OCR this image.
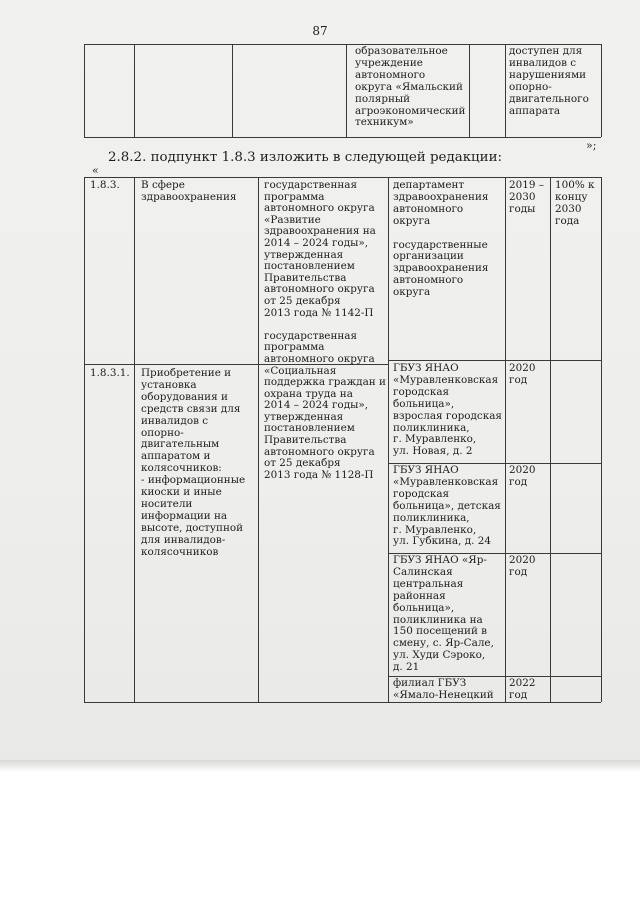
87
образовательное
учреждение
автономного
округа «Ямальский
полярный
агроэкономический
техникум»
доступен для
инвалидов с
нарушениями
опорно-
двигательного
аппарата
»;
2.8.2. подпункт 1.8.3 изложить в следующей редакции:
«
1.8.3.	В сфере
здравоохранения
государственная
программа
автономного округа
«Развитие
здравоохранения на
2014 – 2024 годы»,
утвержденная
постановлением
Правительства
автономного округа
от 25 декабря
2013 года № 1142-П

государственная
программа
автономного округа
«Социальная
поддержка граждан и
охрана труда на
2014 – 2024 годы»,
утвержденная
постановлением
Правительства
автономного округа
от 25 декабря
2013 года № 1128-П
департамент
здравоохранения
автономного
округа

государственные
организации
здравоохранения
автономного
округа
2019 –
2030
годы
100% к
концу
2030
года
1.8.3.1.	Приобретение и
установка
оборудования и
средств связи для
инвалидов с
опорно-
двигательным
аппаратом и
колясочников:
- информационные
киоски и иные
носители
информации на
высоте, доступной
для инвалидов-
колясочников
ГБУЗ ЯНАО
«Муравленковская
городская
больница»,
взрослая городская
поликлиника,
г. Муравленко,
ул. Новая, д. 2
2020
год
ГБУЗ ЯНАО
«Муравленковская
городская
больница», детская
поликлиника,
г. Муравленко,
ул. Губкина, д. 24
2020
год
ГБУЗ ЯНАО «Яр-
Салинская
центральная
районная
больница»,
поликлиника на
150 посещений в
смену, с. Яр-Сале,
ул. Худи Сэроко,
д. 21
2020
год
филиал ГБУЗ
«Ямало-Ненецкий
2022
год
